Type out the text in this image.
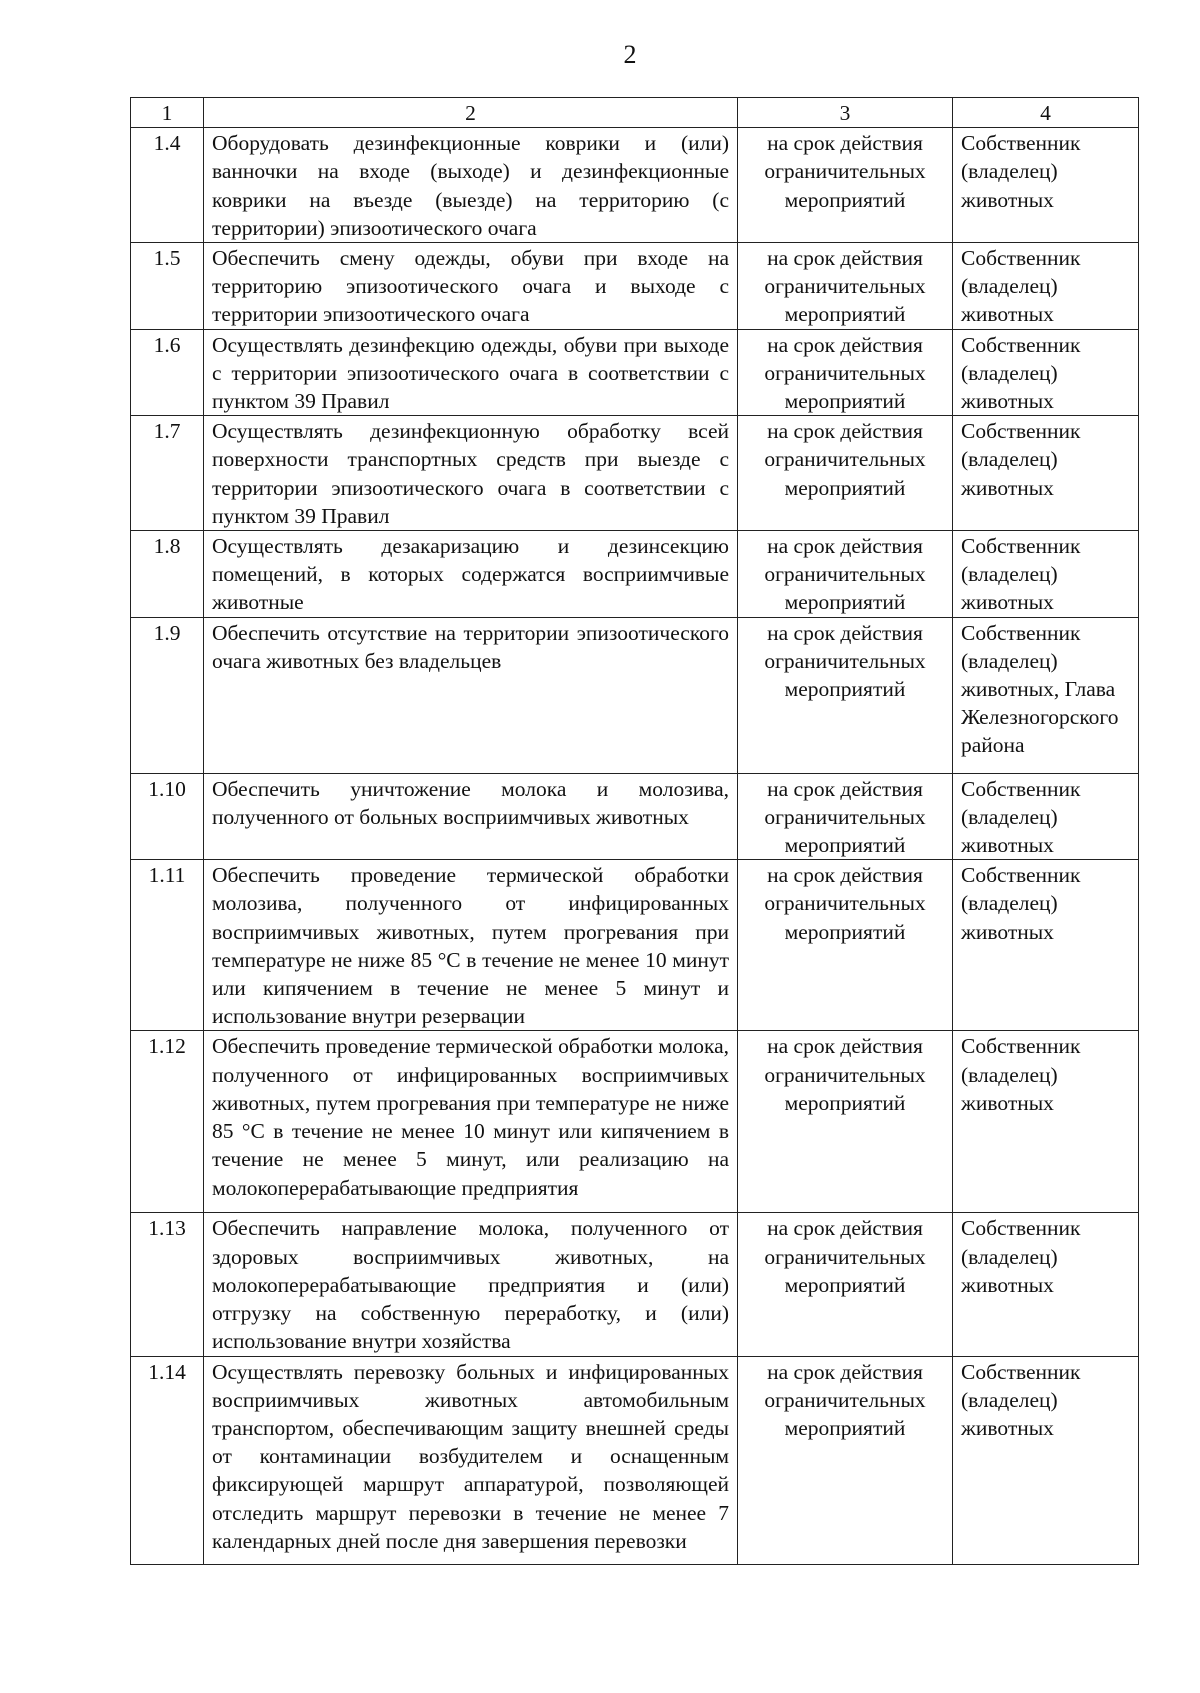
2
1	2	3	4
1.4	Оборудовать дезинфекционные коврики и (или) ванночки на входе (выходе) и дезинфекционные коврики на въезде (выезде) на территорию (с территории) эпизоотического очага	на срок действия ограничительных мероприятий	Собственник (владелец) животных
1.5	Обеспечить смену одежды, обуви при входе на территорию эпизоотического очага и выходе с территории эпизоотического очага	на срок действия ограничительных мероприятий	Собственник (владелец) животных
1.6	Осуществлять дезинфекцию одежды, обуви при выходе с территории эпизоотического очага в соответствии с пунктом 39 Правил	на срок действия ограничительных мероприятий	Собственник (владелец) животных
1.7	Осуществлять дезинфекционную обработку всей поверхности транспортных средств при выезде с территории эпизоотического очага в соответствии с пунктом 39 Правил	на срок действия ограничительных мероприятий	Собственник (владелец) животных
1.8	Осуществлять дезакаризацию и дезинсекцию помещений, в которых содержатся восприимчивые животные	на срок действия ограничительных мероприятий	Собственник (владелец) животных
1.9	Обеспечить отсутствие на территории эпизоотического очага животных без владельцев	на срок действия ограничительных мероприятий	Собственник (владелец) животных, Глава Железногорского района
1.10	Обеспечить уничтожение молока и молозива, полученного от больных восприимчивых животных	на срок действия ограничительных мероприятий	Собственник (владелец) животных
1.11	Обеспечить проведение термической обработки молозива, полученного от инфицированных восприимчивых животных, путем прогревания при температуре не ниже 85 °С в течение не менее 10 минут или кипячением в течение не менее 5 минут и использование внутри резервации	на срок действия ограничительных мероприятий	Собственник (владелец) животных
1.12	Обеспечить проведение термической обработки молока, полученного от инфицированных восприимчивых животных, путем прогревания при температуре не ниже 85 °С в течение не менее 10 минут или кипячением в течение не менее 5 минут, или реализацию на молокоперерабатывающие предприятия	на срок действия ограничительных мероприятий	Собственник (владелец) животных
1.13	Обеспечить направление молока, полученного от здоровых восприимчивых животных, на молокоперерабатывающие предприятия и (или) отгрузку на собственную переработку, и (или) использование внутри хозяйства	на срок действия ограничительных мероприятий	Собственник (владелец) животных
1.14	Осуществлять перевозку больных и инфицированных восприимчивых животных автомобильным транспортом, обеспечивающим защиту внешней среды от контаминации возбудителем и оснащенным фиксирующей маршрут аппаратурой, позволяющей отследить маршрут перевозки в течение не менее 7 календарных дней после дня завершения перевозки	на срок действия ограничительных мероприятий	Собственник (владелец) животных
